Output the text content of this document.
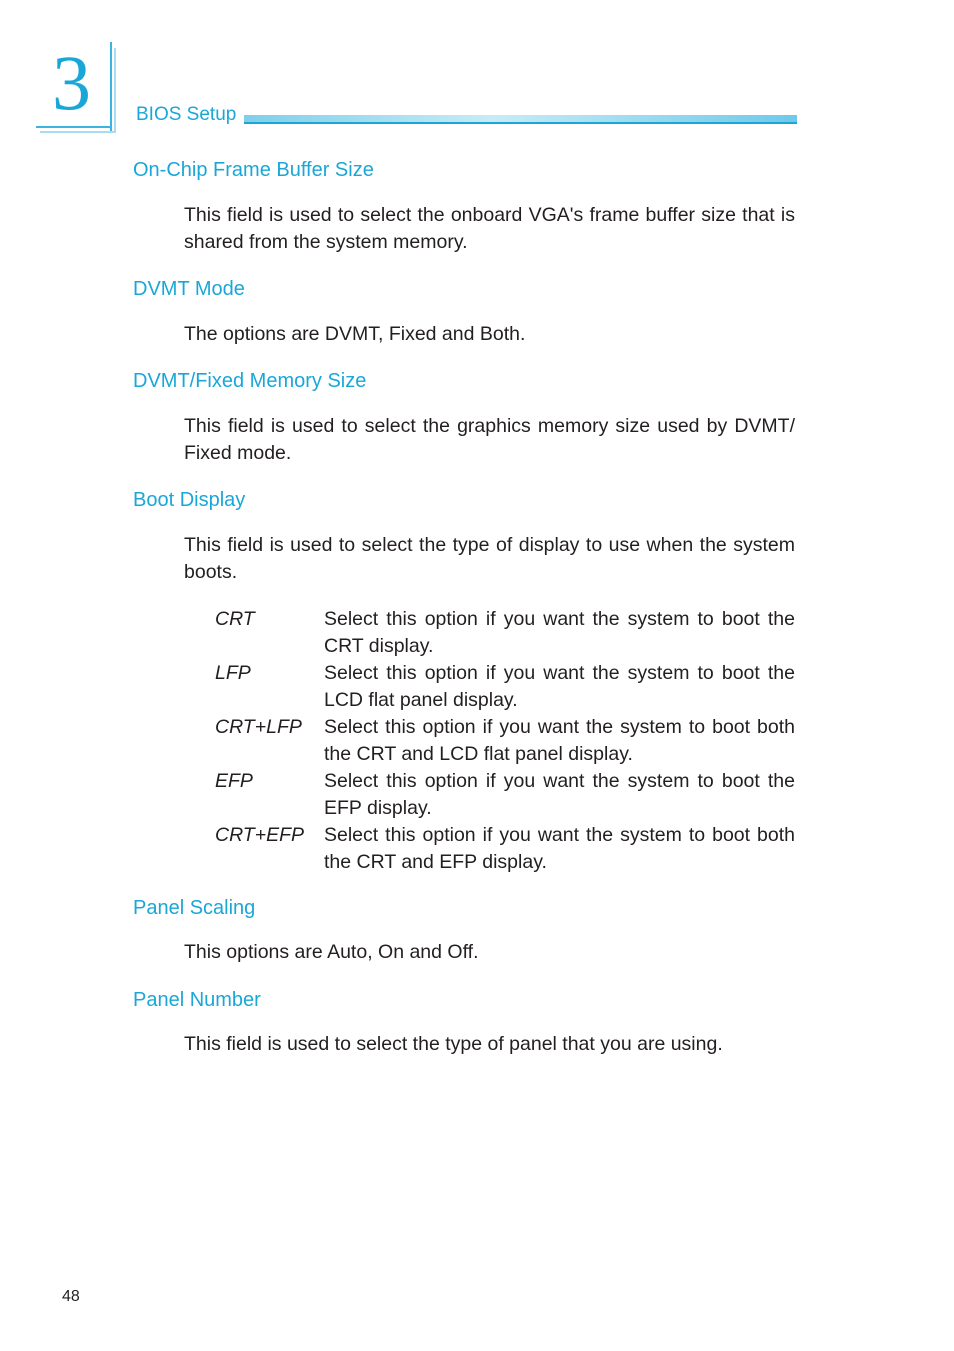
3 BIOS Setup
On-Chip Frame Buffer Size

This field is used to select the onboard VGA's frame buffer size that is shared from the system memory.

DVMT Mode

The options are DVMT, Fixed and Both.

DVMT/Fixed Memory Size

This field is used to select the graphics memory size used by DVMT/ Fixed mode.

Boot Display

This field is used to select the type of display to use when the system boots.

CRT	Select this option if you want the system to boot the CRT display.

LFP	Select this option if you want the system to boot the LCD flat panel display.

CRT+LFP Select this option if you want the system to boot both the CRT and LCD flat panel display.

EFP	Select this option if you want the system to boot the EFP display.

CRT+EFP Select this option if you want the system to boot both the CRT and EFP display.

Panel Scaling

This options are Auto, On and Off.

Panel Number

This field is used to select the type of panel that you are using.

48
